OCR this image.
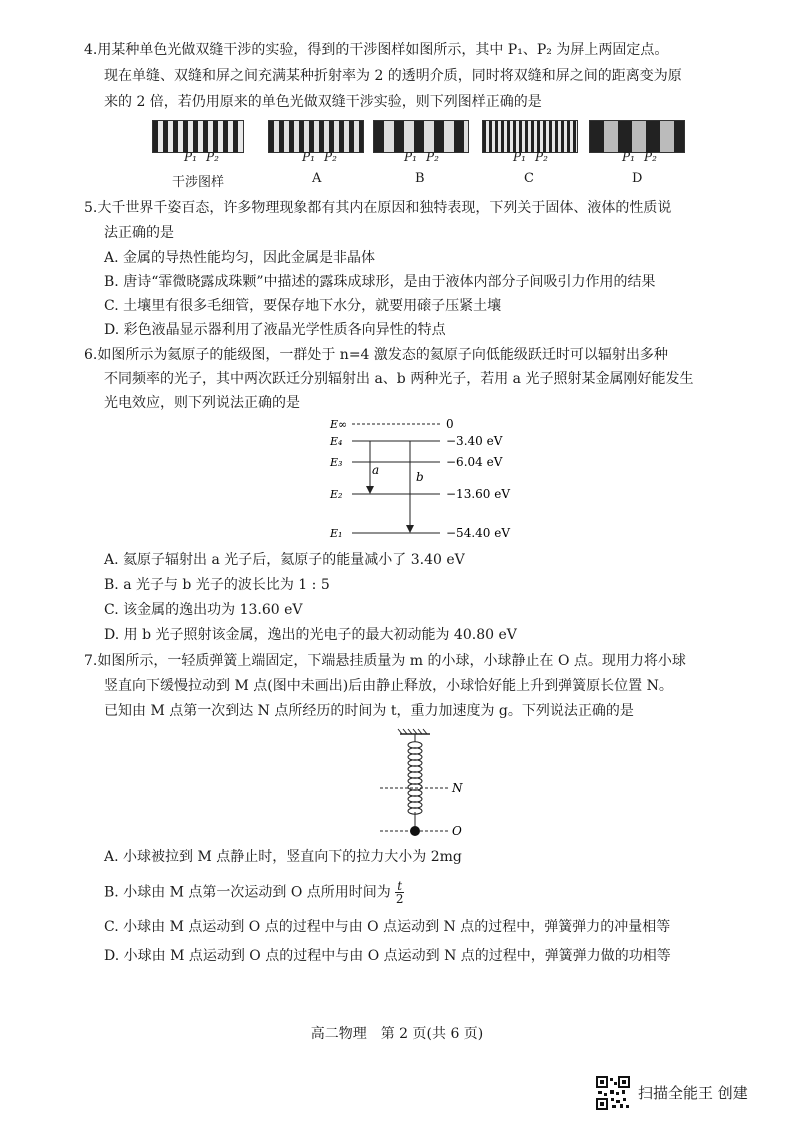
4.用某种单色光做双缝干涉的实验，得到的干涉图样如图所示，其中 P₁、P₂ 为屏上两固定点。
现在单缝、双缝和屏之间充满某种折射率为 2 的透明介质，同时将双缝和屏之间的距离变为原
来的 2 倍，若仍用原来的单色光做双缝干涉实验，则下列图样正确的是
P₁ P₂	P₁ P₂	P₁ P₂	P₁ P₂	P₁ P₂
干涉图样	A	B	C	D
5.大千世界千姿百态，许多物理现象都有其内在原因和独特表现，下列关于固体、液体的性质说
法正确的是
A. 金属的导热性能均匀，因此金属是非晶体
B. 唐诗“霏微晓露成珠颗”中描述的露珠成球形，是由于液体内部分子间吸引力作用的结果
C. 土壤里有很多毛细管，要保存地下水分，就要用磙子压紧土壤
D. 彩色液晶显示器利用了液晶光学性质各向异性的特点
6.如图所示为氦原子的能级图，一群处于 n=4 激发态的氦原子向低能级跃迁时可以辐射出多种
不同频率的光子，其中两次跃迁分别辐射出 a、b 两种光子，若用 a 光子照射某金属刚好能发生
光电效应，则下列说法正确的是
a	b
E∞
E₄
E₃
E₂
E₁
0
−3.40 eV
−6.04 eV
−13.60 eV
−54.40 eV
A. 氦原子辐射出 a 光子后，氦原子的能量减小了 3.40 eV
B. a 光子与 b 光子的波长比为 1 : 5
C. 该金属的逸出功为 13.60 eV
D. 用 b 光子照射该金属，逸出的光电子的最大初动能为 40.80 eV
7.如图所示，一轻质弹簧上端固定，下端悬挂质量为 m 的小球，小球静止在 O 点。现用力将小球
竖直向下缓慢拉动到 M 点(图中未画出)后由静止释放，小球恰好能上升到弹簧原长位置 N。
已知由 M 点第一次到达 N 点所经历的时间为 t，重力加速度为 g。下列说法正确的是
N
O
A. 小球被拉到 M 点静止时，竖直向下的拉力大小为 2mg
B. 小球由 M 点第一次运动到 O 点所用时间为 $\frac{t}{2}$
C. 小球由 M 点运动到 O 点的过程中与由 O 点运动到 N 点的过程中，弹簧弹力的冲量相等
D. 小球由 M 点运动到 O 点的过程中与由 O 点运动到 N 点的过程中，弹簧弹力做的功相等
高二物理　第 2 页(共 6 页)
扫描全能王 创建
